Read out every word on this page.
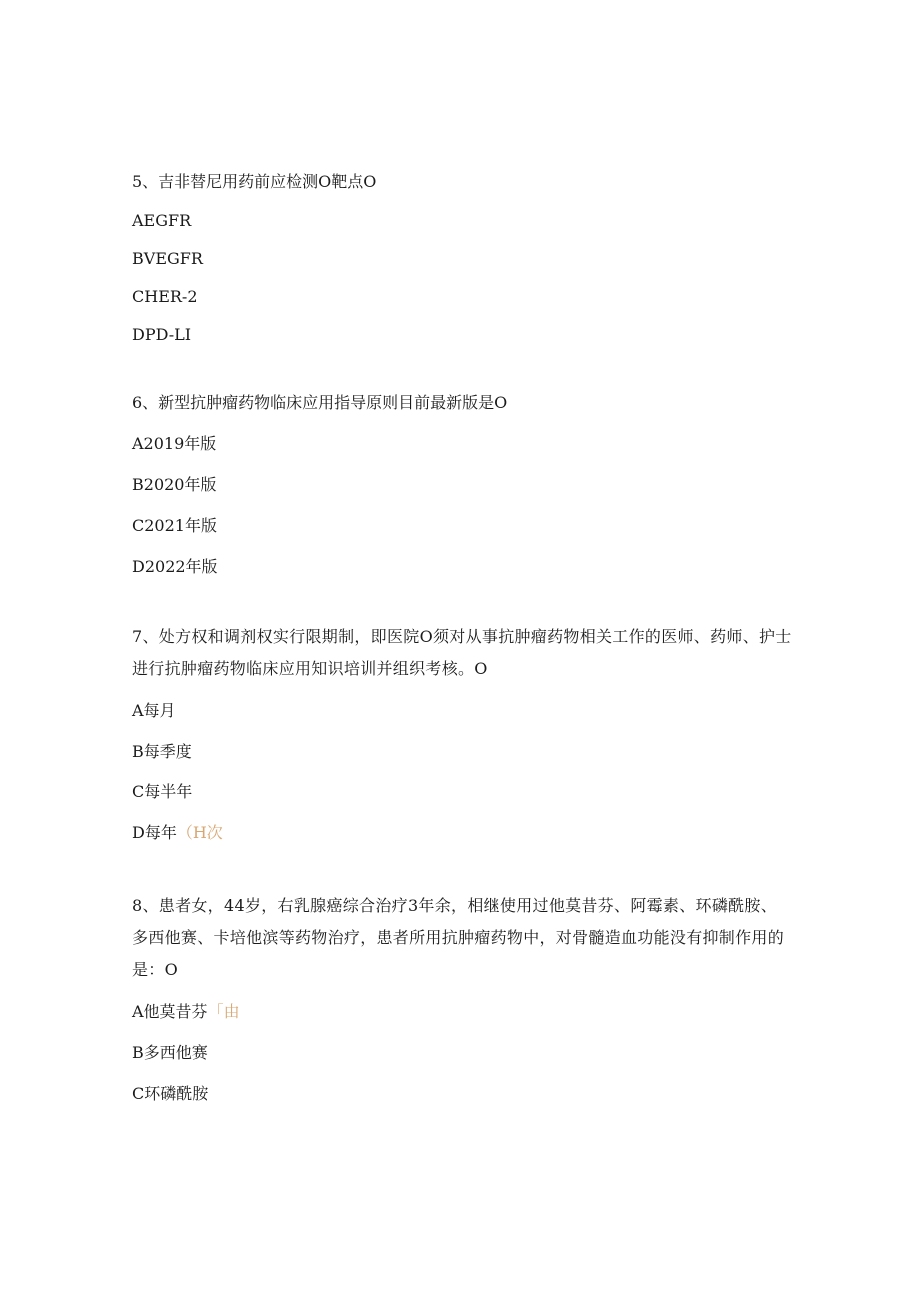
5、吉非替尼用药前应检测O靶点O
AEGFR
BVEGFR
CHER-2
DPD-LI
6、新型抗肿瘤药物临床应用指导原则目前最新版是O
A2019年版
B2020年版
C2021年版
D2022年版
7、处方权和调剂权实行限期制，即医院O须对从事抗肿瘤药物相关工作的医师、药师、护士进行抗肿瘤药物临床应用知识培训并组织考核。O
A每月
B每季度
C每半年
D每年（H次
8、患者女，44岁，右乳腺癌综合治疗3年余，相继使用过他莫昔芬、阿霉素、环磷酰胺、多西他赛、卡培他滨等药物治疗，患者所用抗肿瘤药物中，对骨髓造血功能没有抑制作用的是：O
A他莫昔芬「由
B多西他赛
C环磷酰胺
